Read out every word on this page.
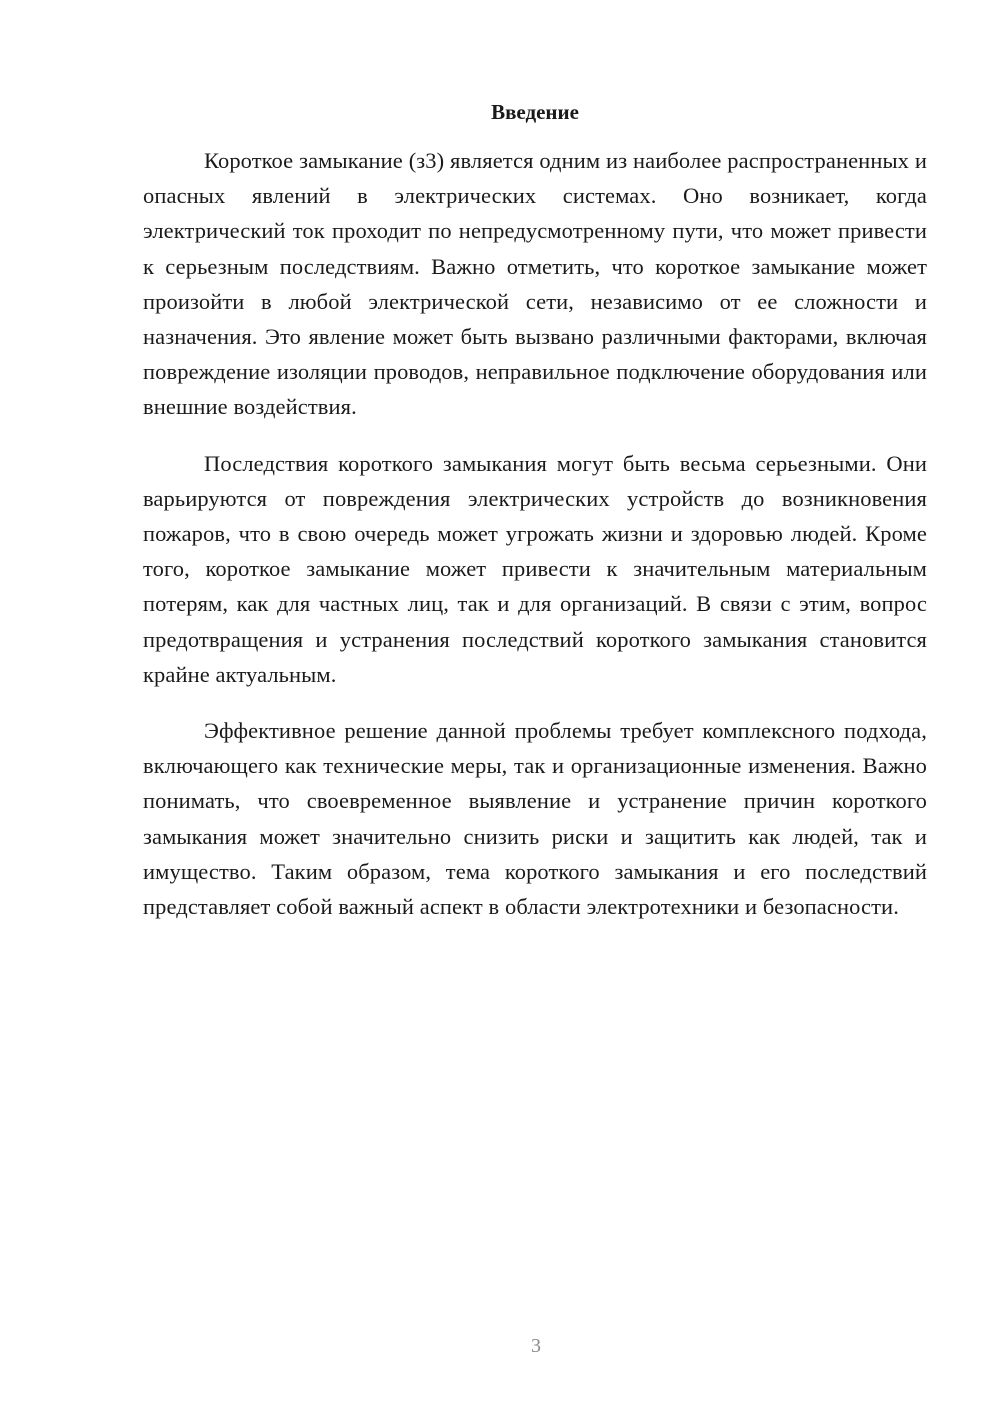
Введение

Короткое замыкание (з3) является одним из наиболее распространенных и опасных явлений в электрических системах. Оно возникает, когда электрический ток проходит по непредусмотренному пути, что может привести к серьезным последствиям. Важно отметить, что короткое замыкание может произойти в любой электрической сети, независимо от ее сложности и назначения. Это явление может быть вызвано различными факторами, включая повреждение изоляции проводов, неправильное подключение оборудования или внешние воздействия.

Последствия короткого замыкания могут быть весьма серьезными. Они варьируются от повреждения электрических устройств до возникновения пожаров, что в свою очередь может угрожать жизни и здоровью людей. Кроме того, короткое замыкание может привести к значительным материальным потерям, как для частных лиц, так и для организаций. В связи с этим, вопрос предотвращения и устранения последствий короткого замыкания становится крайне актуальным.

Эффективное решение данной проблемы требует комплексного подхода, включающего как технические меры, так и организационные изменения. Важно понимать, что своевременное выявление и устранение причин короткого замыкания может значительно снизить риски и защитить как людей, так и имущество. Таким образом, тема короткого замыкания и его последствий представляет собой важный аспект в области электротехники и безопасности.

3
